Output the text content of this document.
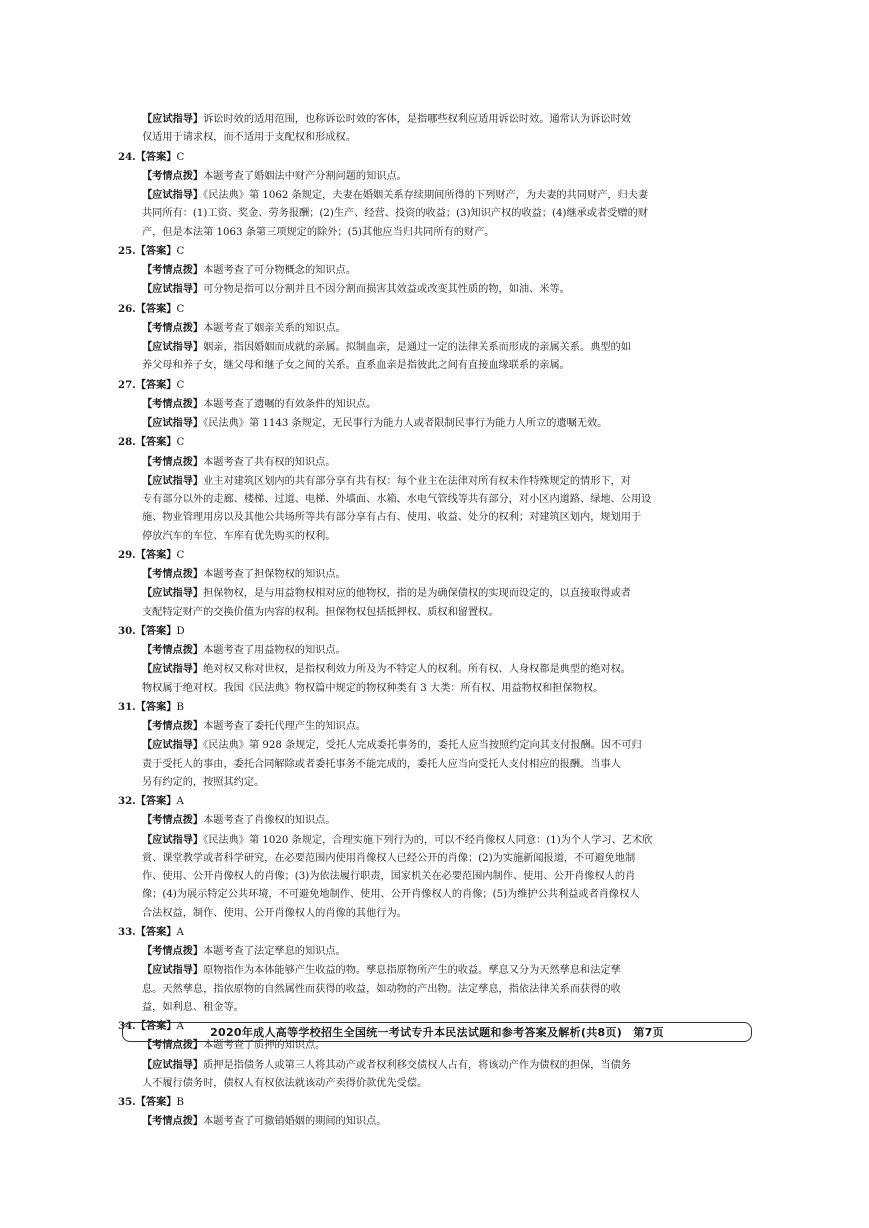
【应试指导】诉讼时效的适用范围，也称诉讼时效的客体，是指哪些权利应适用诉讼时效。通常认为诉讼时效
仅适用于请求权，而不适用于支配权和形成权。
24.【答案】C
【考情点拨】本题考查了婚姻法中财产分割问题的知识点。
【应试指导】《民法典》第 1062 条规定，夫妻在婚姻关系存续期间所得的下列财产，为夫妻的共同财产，归夫妻
共同所有：(1)工资、奖金、劳务报酬；(2)生产、经营、投资的收益；(3)知识产权的收益；(4)继承或者受赠的财
产，但是本法第 1063 条第三项规定的除外；(5)其他应当归共同所有的财产。
25.【答案】C
【考情点拨】本题考查了可分物概念的知识点。
【应试指导】可分物是指可以分割并且不因分割而损害其效益或改变其性质的物，如油、米等。
26.【答案】C
【考情点拨】本题考查了姻亲关系的知识点。
【应试指导】姻亲，指因婚姻而成就的亲属。拟制血亲，是通过一定的法律关系而形成的亲属关系。典型的如
养父母和养子女，继父母和继子女之间的关系。直系血亲是指彼此之间有直接血缘联系的亲属。
27.【答案】C
【考情点拨】本题考查了遗嘱的有效条件的知识点。
【应试指导】《民法典》第 1143 条规定，无民事行为能力人或者限制民事行为能力人所立的遗嘱无效。
28.【答案】C
【考情点拨】本题考查了共有权的知识点。
【应试指导】业主对建筑区划内的共有部分享有共有权：每个业主在法律对所有权未作特殊规定的情形下，对
专有部分以外的走廊、楼梯、过道、电梯、外墙面、水箱、水电气管线等共有部分，对小区内道路、绿地、公用设
施、物业管理用房以及其他公共场所等共有部分享有占有、使用、收益、处分的权利；对建筑区划内，规划用于
停放汽车的车位、车库有优先购买的权利。
29.【答案】C
【考情点拨】本题考查了担保物权的知识点。
【应试指导】担保物权，是与用益物权相对应的他物权，指的是为确保债权的实现而设定的，以直接取得或者
支配特定财产的交换价值为内容的权利。担保物权包括抵押权、质权和留置权。
30.【答案】D
【考情点拨】本题考查了用益物权的知识点。
【应试指导】绝对权又称对世权，是指权利效力所及为不特定人的权利。所有权、人身权都是典型的绝对权。
物权属于绝对权。我国《民法典》物权篇中规定的物权种类有 3 大类：所有权、用益物权和担保物权。
31.【答案】B
【考情点拨】本题考查了委托代理产生的知识点。
【应试指导】《民法典》第 928 条规定，受托人完成委托事务的，委托人应当按照约定向其支付报酬。因不可归
责于受托人的事由，委托合同解除或者委托事务不能完成的，委托人应当向受托人支付相应的报酬。当事人
另有约定的，按照其约定。
32.【答案】A
【考情点拨】本题考查了肖像权的知识点。
【应试指导】《民法典》第 1020 条规定，合理实施下列行为的，可以不经肖像权人同意：(1)为个人学习、艺术欣
赏、课堂教学或者科学研究，在必要范围内使用肖像权人已经公开的肖像；(2)为实施新闻报道，不可避免地制
作、使用、公开肖像权人的肖像；(3)为依法履行职责，国家机关在必要范围内制作、使用、公开肖像权人的肖
像；(4)为展示特定公共环境，不可避免地制作、使用、公开肖像权人的肖像；(5)为维护公共利益或者肖像权人
合法权益，制作、使用、公开肖像权人的肖像的其他行为。
33.【答案】A
【考情点拨】本题考查了法定孳息的知识点。
【应试指导】原物指作为本体能够产生收益的物。孳息指原物所产生的收益。孳息又分为天然孳息和法定孳
息。天然孳息，指依原物的自然属性而获得的收益，如动物的产出物。法定孳息，指依法律关系而获得的收
益，如利息、租金等。
34.【答案】A
【考情点拨】本题考查了质押的知识点。
【应试指导】质押是指债务人或第三人将其动产或者权利移交债权人占有，将该动产作为债权的担保，当债务
人不履行债务时，债权人有权依法就该动产卖得价款优先受偿。
35.【答案】B
【考情点拨】本题考查了可撤销婚姻的期间的知识点。
2020年成人高等学校招生全国统一考试专升本民法试题和参考答案及解析(共8页)　第7页
